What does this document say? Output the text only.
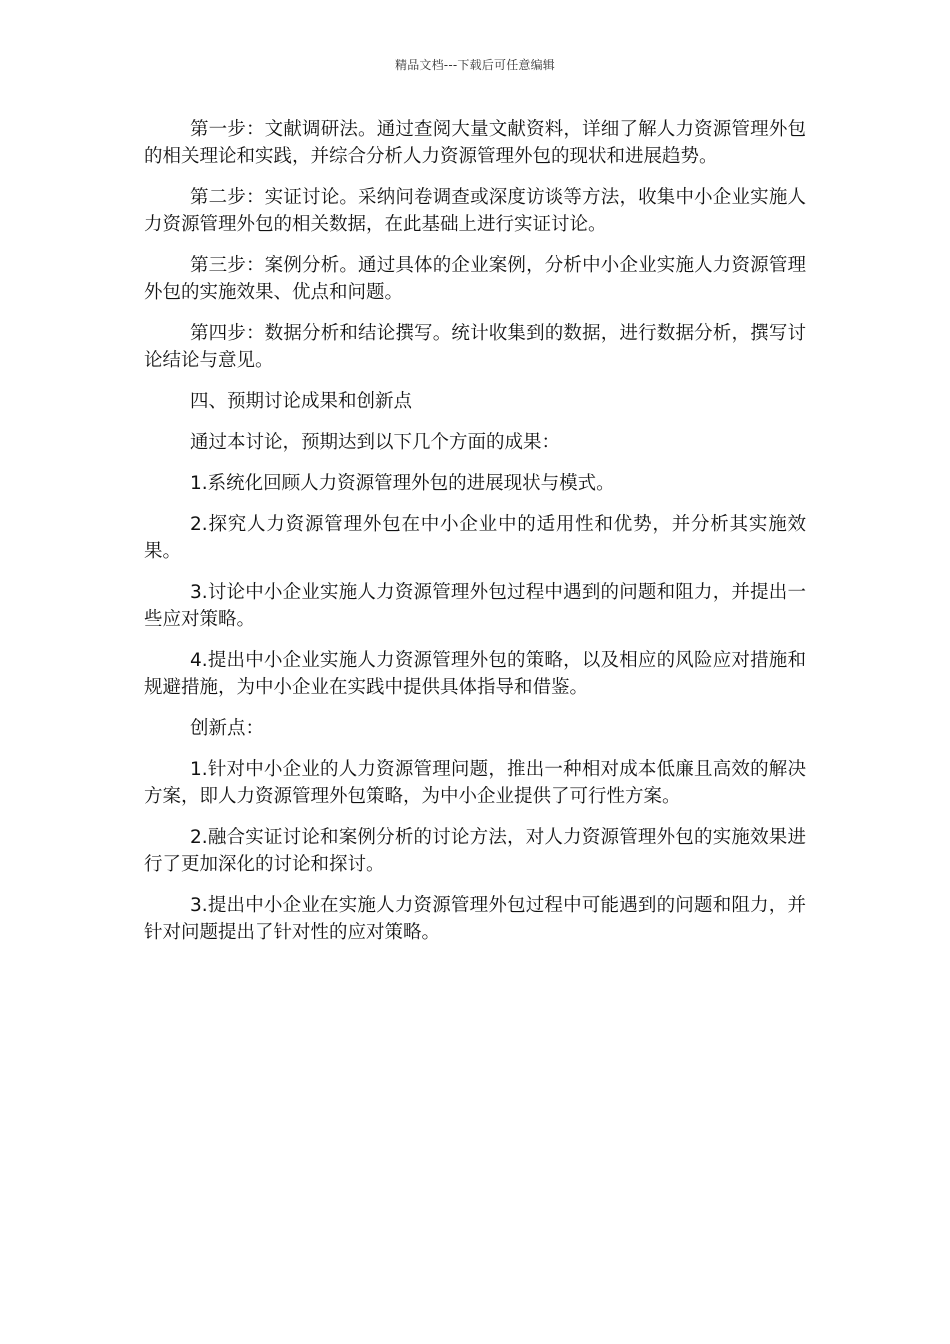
精品文档---下载后可任意编辑

第一步：文献调研法。通过查阅大量文献资料，详细了解人力资源管理外包的相关理论和实践，并综合分析人力资源管理外包的现状和进展趋势。

第二步：实证讨论。采纳问卷调查或深度访谈等方法，收集中小企业实施人力资源管理外包的相关数据，在此基础上进行实证讨论。

第三步：案例分析。通过具体的企业案例，分析中小企业实施人力资源管理外包的实施效果、优点和问题。

第四步：数据分析和结论撰写。统计收集到的数据，进行数据分析，撰写讨论结论与意见。

四、预期讨论成果和创新点

通过本讨论，预期达到以下几个方面的成果：

1.系统化回顾人力资源管理外包的进展现状与模式。

2.探究人力资源管理外包在中小企业中的适用性和优势，并分析其实施效果。

3.讨论中小企业实施人力资源管理外包过程中遇到的问题和阻力，并提出一些应对策略。

4.提出中小企业实施人力资源管理外包的策略，以及相应的风险应对措施和规避措施，为中小企业在实践中提供具体指导和借鉴。

创新点：

1.针对中小企业的人力资源管理问题，推出一种相对成本低廉且高效的解决方案，即人力资源管理外包策略，为中小企业提供了可行性方案。

2.融合实证讨论和案例分析的讨论方法，对人力资源管理外包的实施效果进行了更加深化的讨论和探讨。

3.提出中小企业在实施人力资源管理外包过程中可能遇到的问题和阻力，并针对问题提出了针对性的应对策略。
